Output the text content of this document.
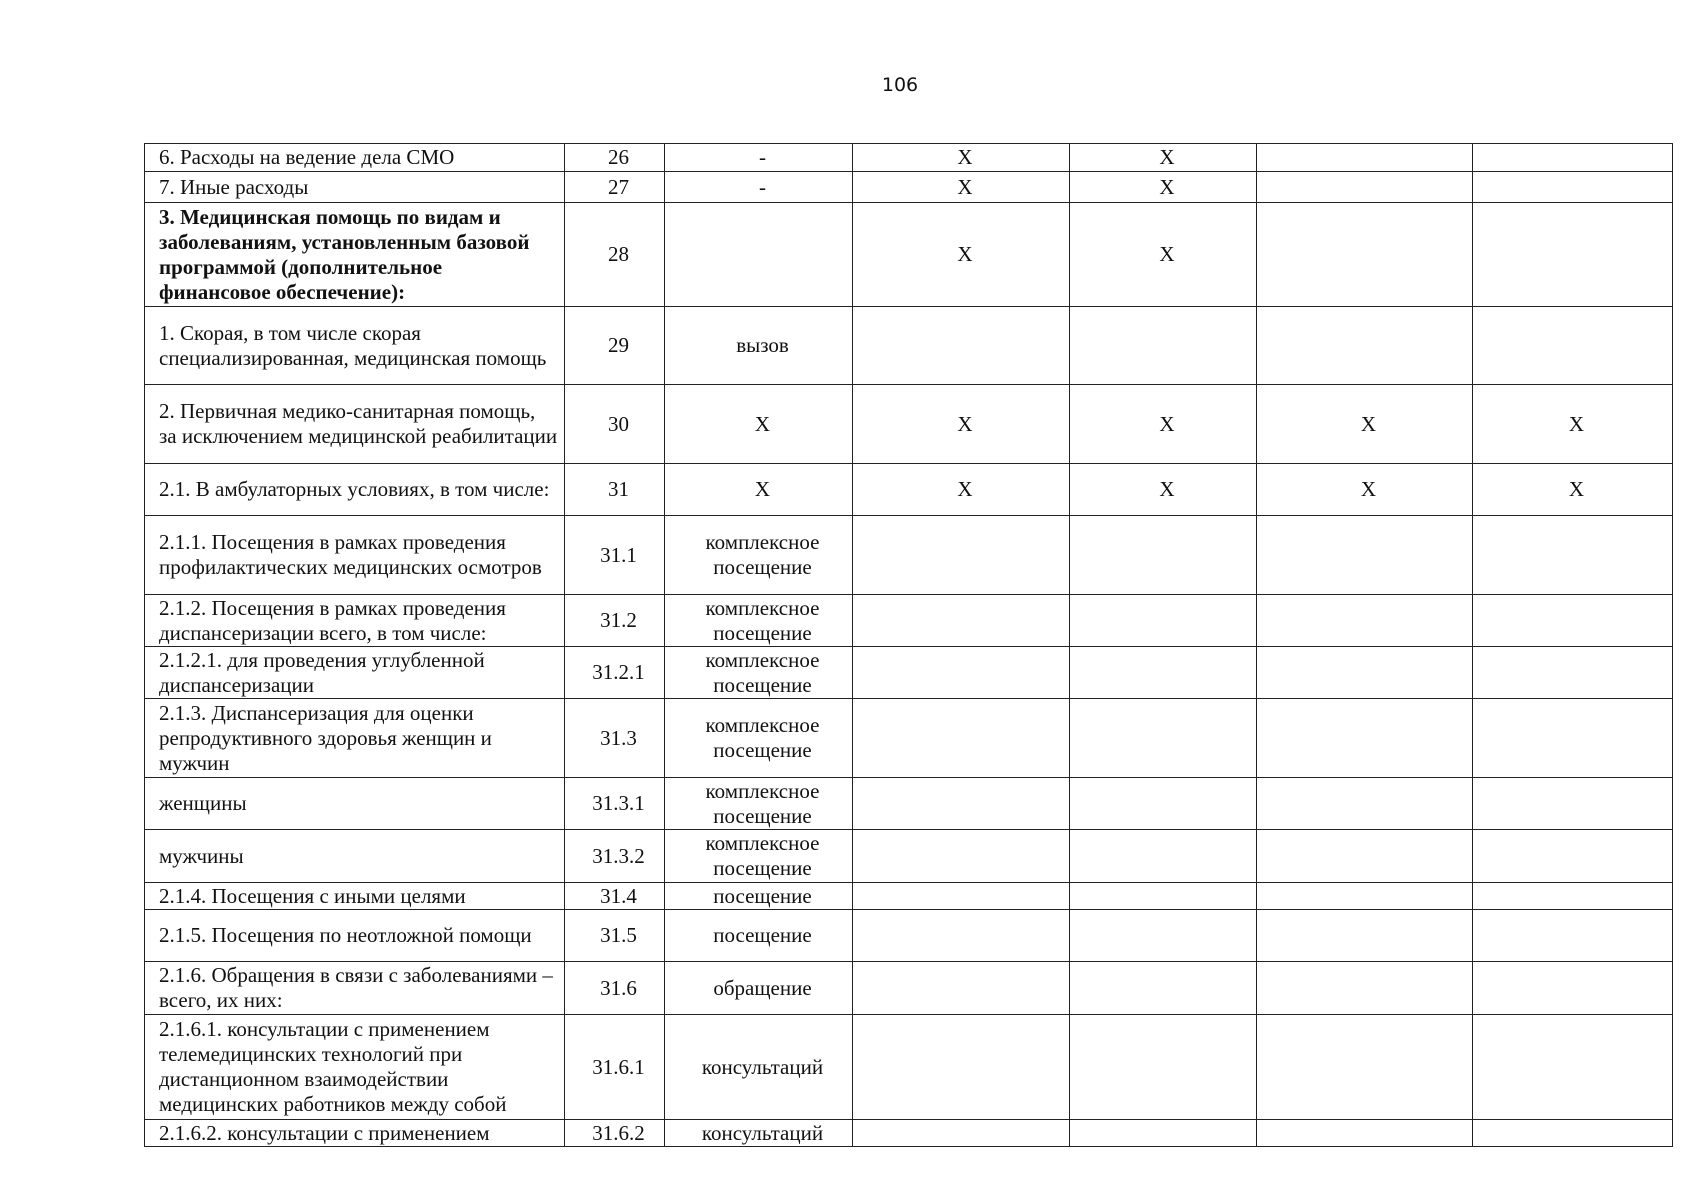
106
6. Расходы на ведение дела СМО	26	-	X	X		
7. Иные расходы	27	-	X	X		
3. Медицинская помощь по видам и заболеваниям, установленным базовой программой (дополнительное финансовое обеспечение):	28		X	X		
1. Скорая, в том числе скорая специализированная, медицинская помощь	29	вызов				
2. Первичная медико-санитарная помощь, за исключением медицинской реабилитации	30	X	X	X	X	X
2.1. В амбулаторных условиях, в том числе:	31	X	X	X	X	X
2.1.1. Посещения в рамках проведения профилактических медицинских осмотров	31.1	комплексное посещение				
2.1.2. Посещения в рамках проведения диспансеризации всего, в том числе:	31.2	комплексное посещение				
2.1.2.1. для проведения углубленной диспансеризации	31.2.1	комплексное посещение				
2.1.3. Диспансеризация для оценки репродуктивного здоровья женщин и мужчин	31.3	комплексное посещение				
женщины	31.3.1	комплексное посещение				
мужчины	31.3.2	комплексное посещение				
2.1.4. Посещения с иными целями	31.4	посещение				
2.1.5. Посещения по неотложной помощи	31.5	посещение				
2.1.6. Обращения в связи с заболеваниями – всего, их них:	31.6	обращение				
2.1.6.1. консультации с применением телемедицинских технологий при дистанционном взаимодействии медицинских работников между собой	31.6.1	консультаций				
2.1.6.2. консультации с применением	31.6.2	консультаций				
